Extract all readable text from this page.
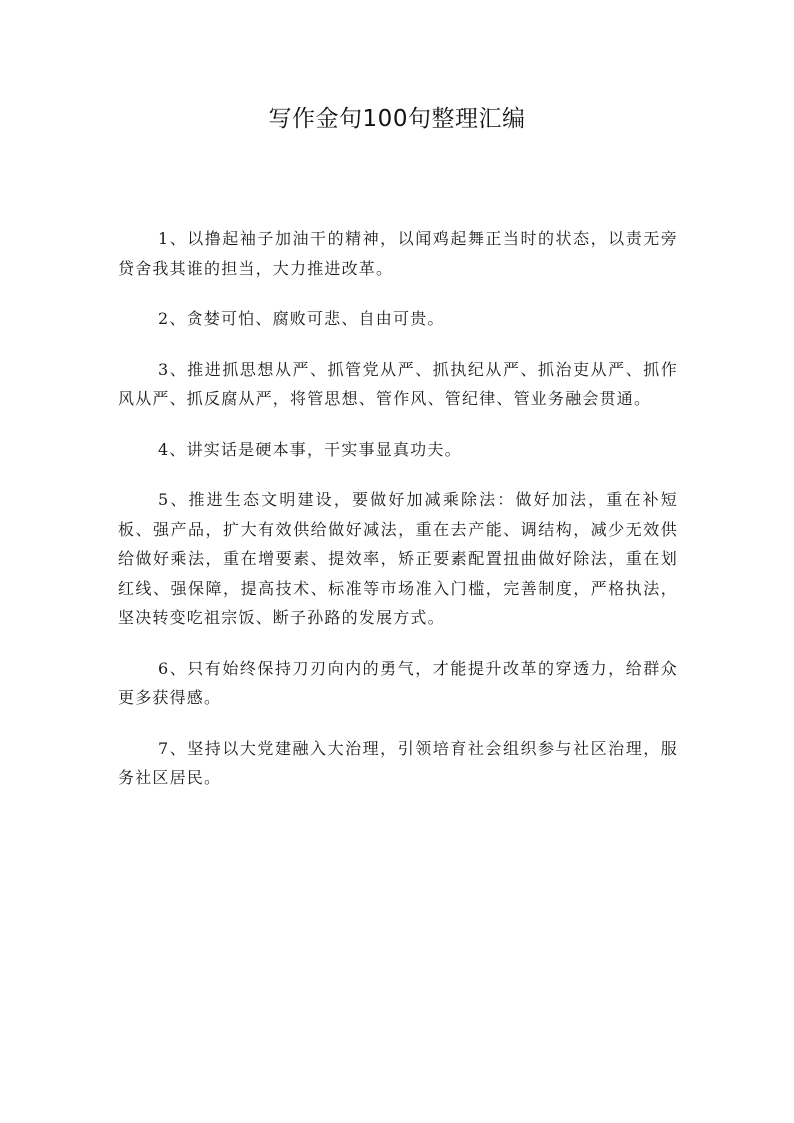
写作金句100句整理汇编

1、以撸起袖子加油干的精神，以闻鸡起舞正当时的状态，以责无旁贷舍我其谁的担当，大力推进改革。

2、贪婪可怕、腐败可悲、自由可贵。

3、推进抓思想从严、抓管党从严、抓执纪从严、抓治吏从严、抓作风从严、抓反腐从严，将管思想、管作风、管纪律、管业务融会贯通。

4、讲实话是硬本事，干实事显真功夫。

5、推进生态文明建设，要做好加减乘除法：做好加法，重在补短板、强产品，扩大有效供给做好减法，重在去产能、调结构，减少无效供给做好乘法，重在增要素、提效率，矫正要素配置扭曲做好除法，重在划红线、强保障，提高技术、标准等市场准入门槛，完善制度，严格执法，坚决转变吃祖宗饭、断子孙路的发展方式。

6、只有始终保持刀刃向内的勇气，才能提升改革的穿透力，给群众更多获得感。

7、坚持以大党建融入大治理，引领培育社会组织参与社区治理，服务社区居民。
